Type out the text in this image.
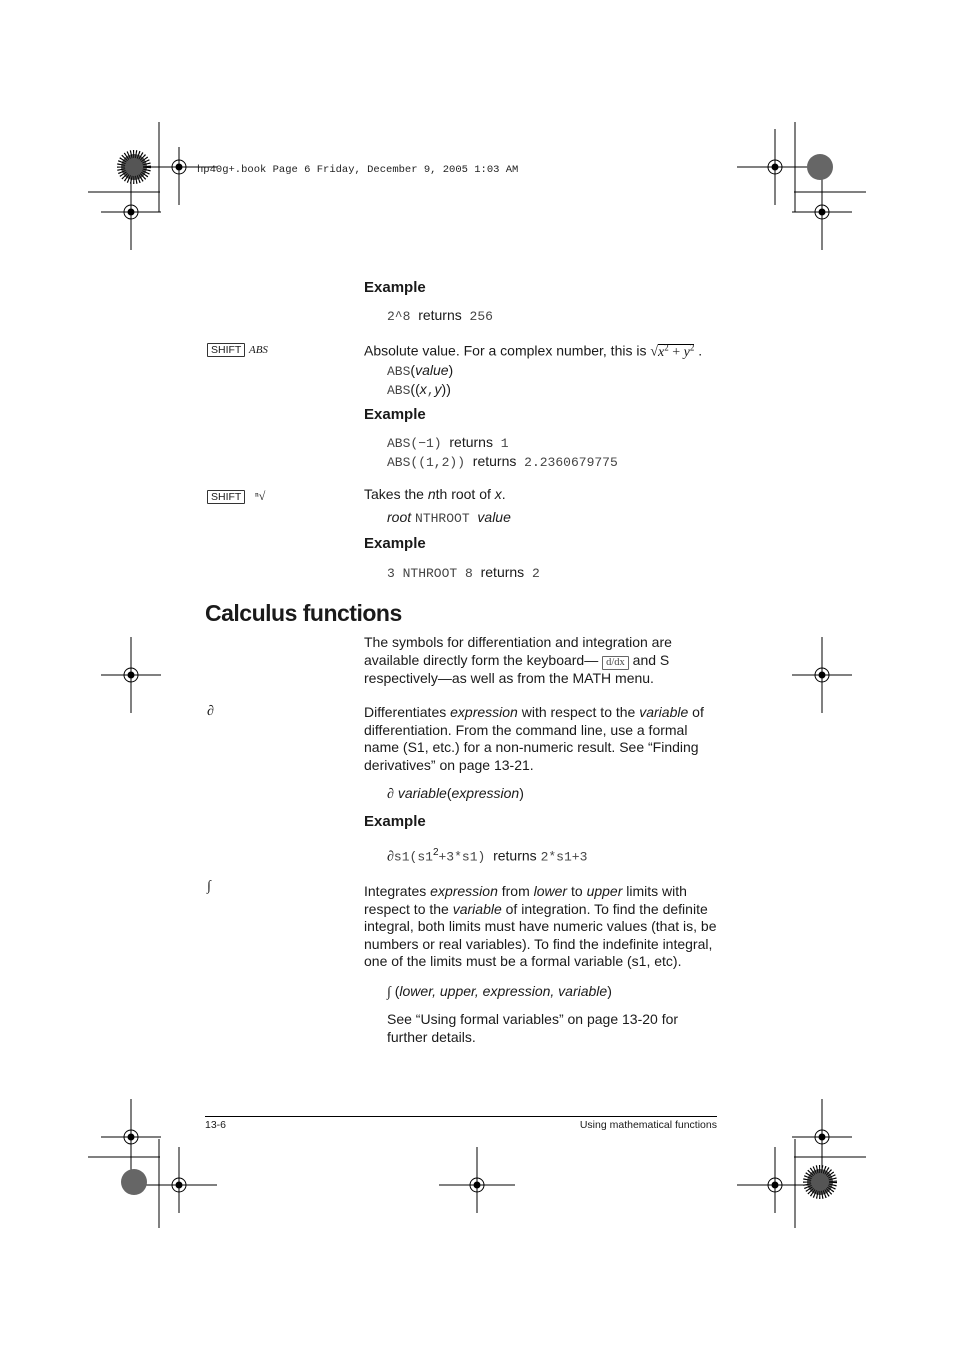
hp40g+.book Page 6 Friday, December 9, 2005 1:03 AM
Example
2^8 returns 256
SHIFT ABS	Absolute value. For a complex number, this is $√x^2 + y^2$ .
ABS(value)
ABS((x,y))
Example
ABS(−1) returns 1
ABS((1,2)) returns 2.2360679775
SHIFT ⁿ√	Takes the nth root of x.
root NTHROOT value
Example
3 NTHROOT 8 returns 2
Calculus functions
The symbols for differentiation and integration are available directly form the keyboard— d/dx and S respectively—as well as from the MATH menu.
∂	Differentiates expression with respect to the variable of differentiation. From the command line, use a formal name (S1, etc.) for a non-numeric result. See “Finding derivatives” on page 13-21.
∂ variable(expression)
Example
$\partial s1(s1^2+3*s1)$ returns 2*s1+3
∫	Integrates expression from lower to upper limits with respect to the variable of integration. To find the definite integral, both limits must have numeric values (that is, be numbers or real variables). To find the indefinite integral, one of the limits must be a formal variable (s1, etc).
∫ (lower, upper, expression, variable)
See “Using formal variables” on page 13-20 for further details.
13-6	Using mathematical functions
